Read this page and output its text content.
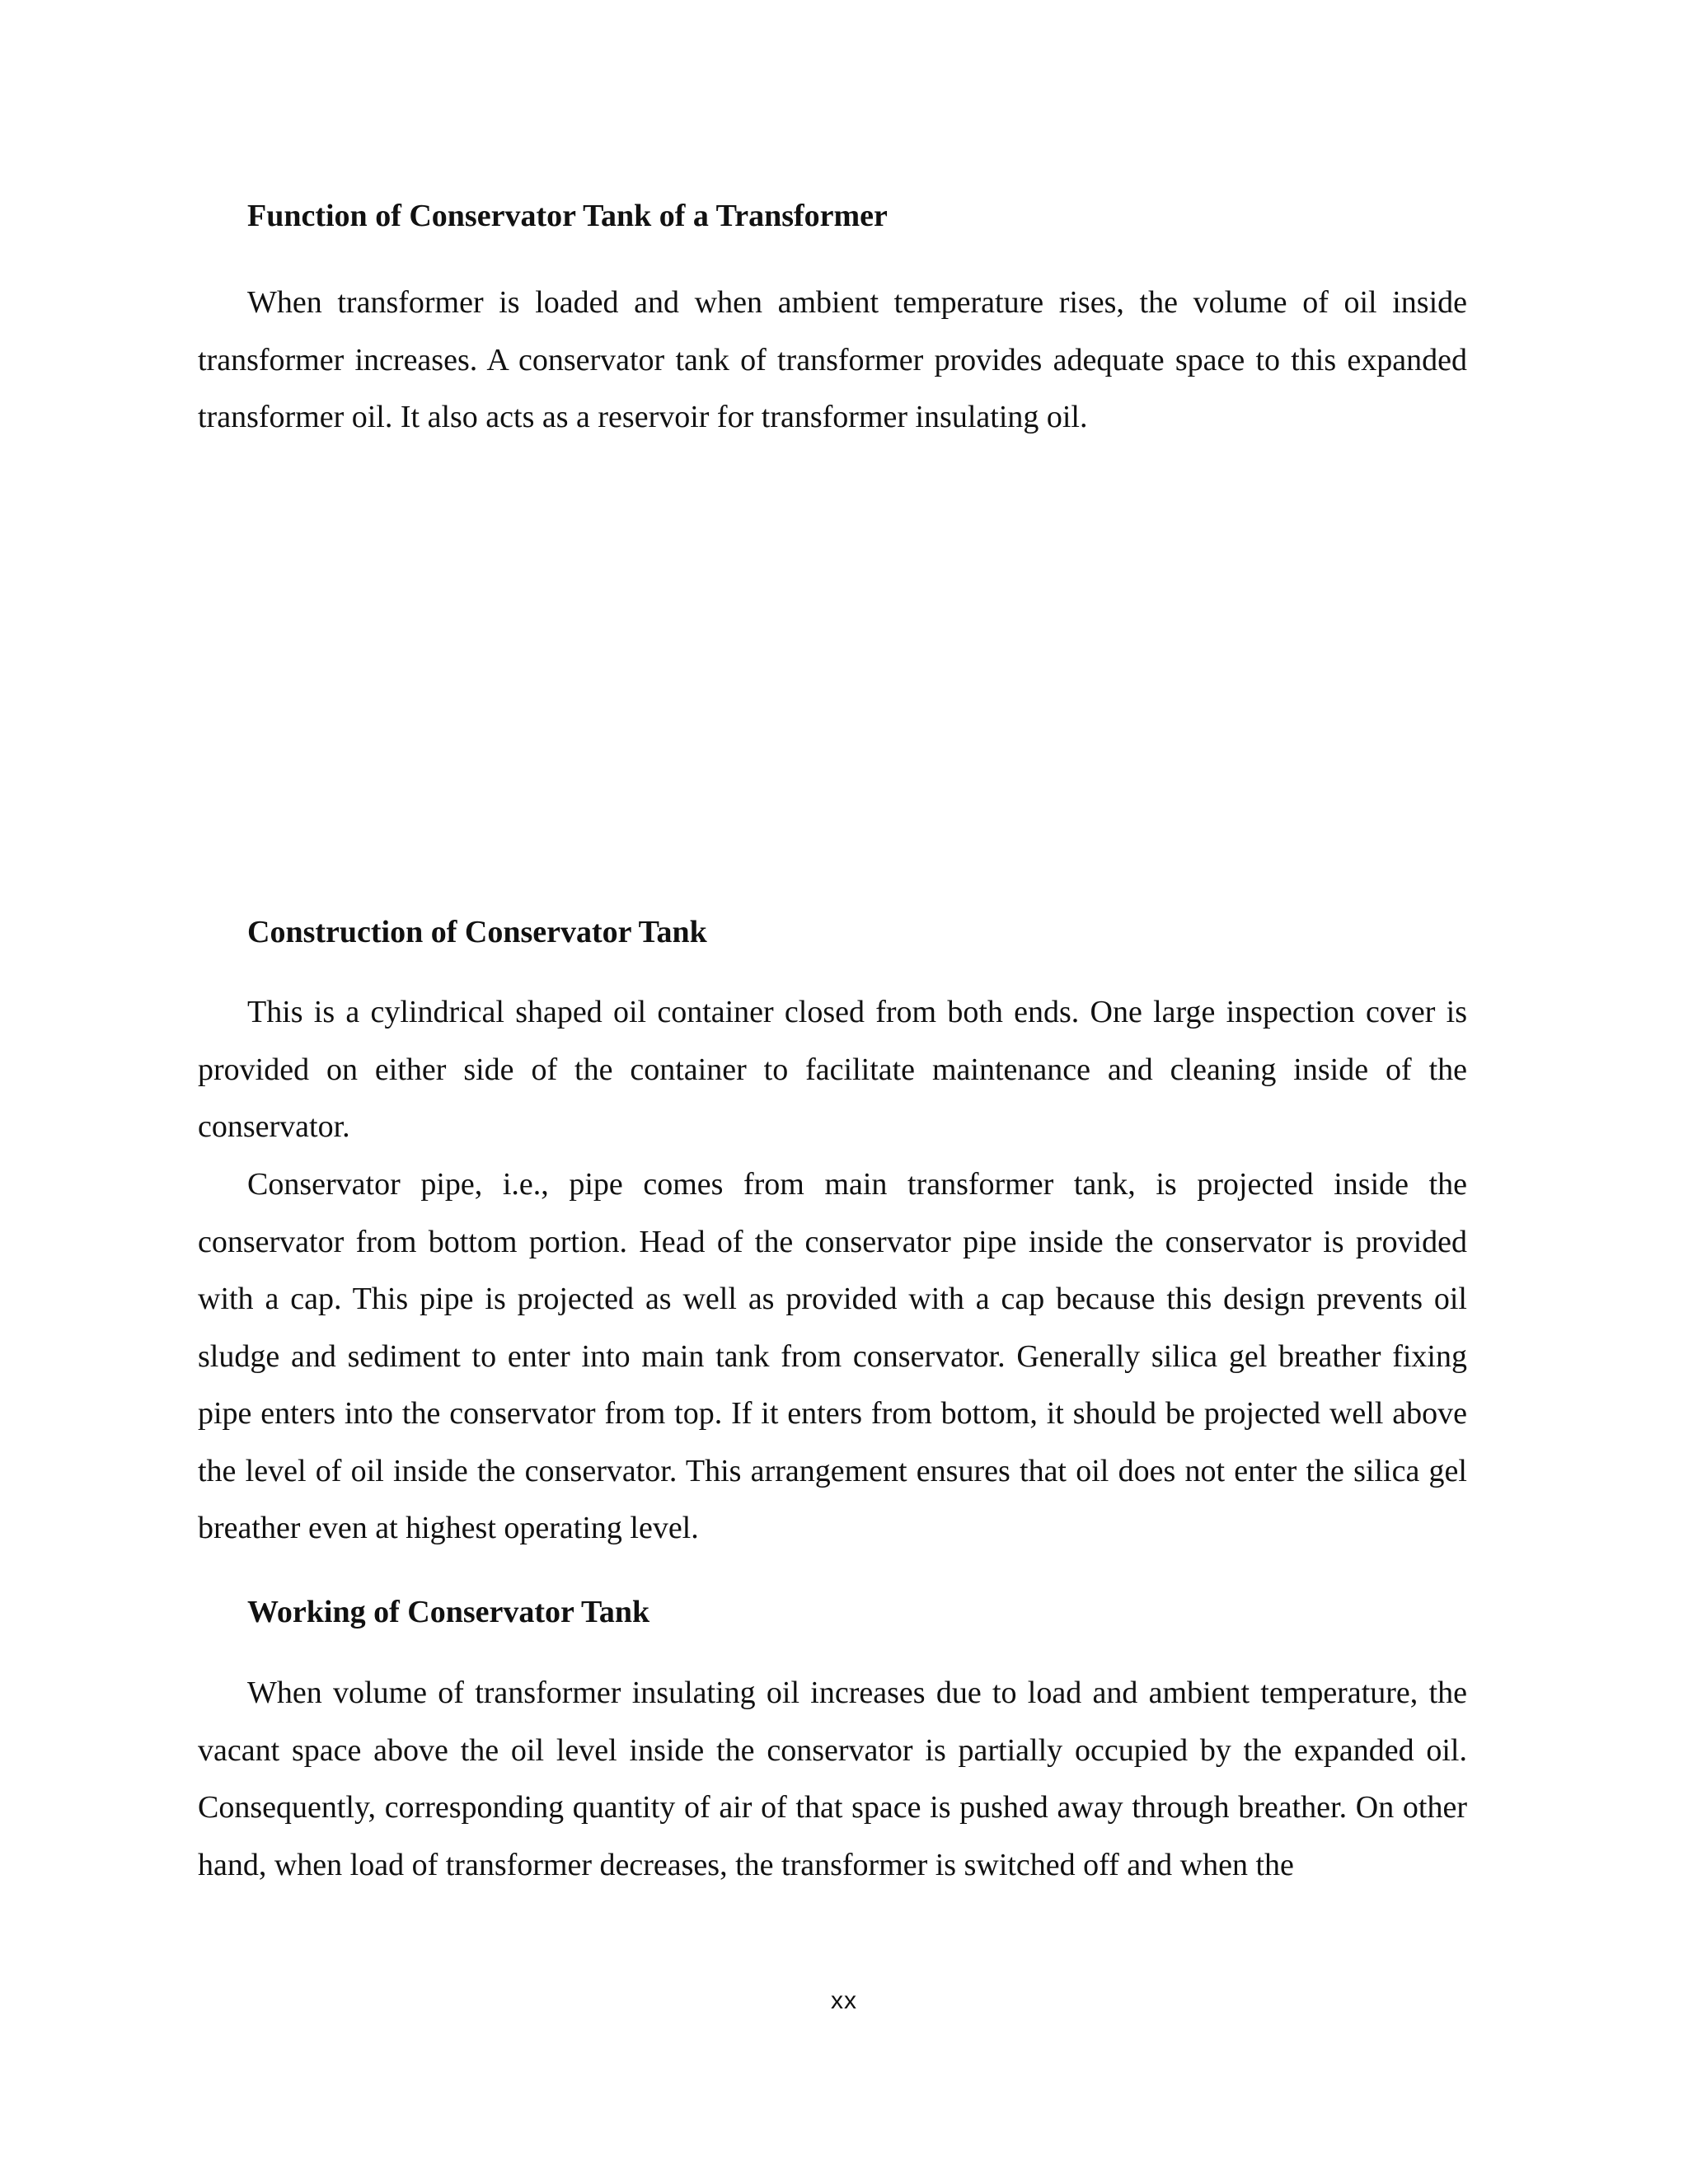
Function of Conservator Tank of a Transformer

When transformer is loaded and when ambient temperature rises, the volume of oil inside transformer increases. A conservator tank of transformer provides adequate space to this expanded transformer oil. It also acts as a reservoir for transformer insulating oil.

Construction of Conservator Tank

This is a cylindrical shaped oil container closed from both ends. One large inspection cover is provided on either side of the container to facilitate maintenance and cleaning inside of the conservator.

Conservator pipe, i.e., pipe comes from main transformer tank, is projected inside the conservator from bottom portion. Head of the conservator pipe inside the conservator is provided with a cap. This pipe is projected as well as provided with a cap because this design prevents oil sludge and sediment to enter into main tank from conservator. Generally silica gel breather fixing pipe enters into the conservator from top. If it enters from bottom, it should be projected well above the level of oil inside the conservator. This arrangement ensures that oil does not enter the silica gel breather even at highest operating level.

Working of Conservator Tank

When volume of transformer insulating oil increases due to load and ambient temperature, the vacant space above the oil level inside the conservator is partially occupied by the expanded oil. Consequently, corresponding quantity of air of that space is pushed away through breather. On other hand, when load of transformer decreases, the transformer is switched off and when the

xx
